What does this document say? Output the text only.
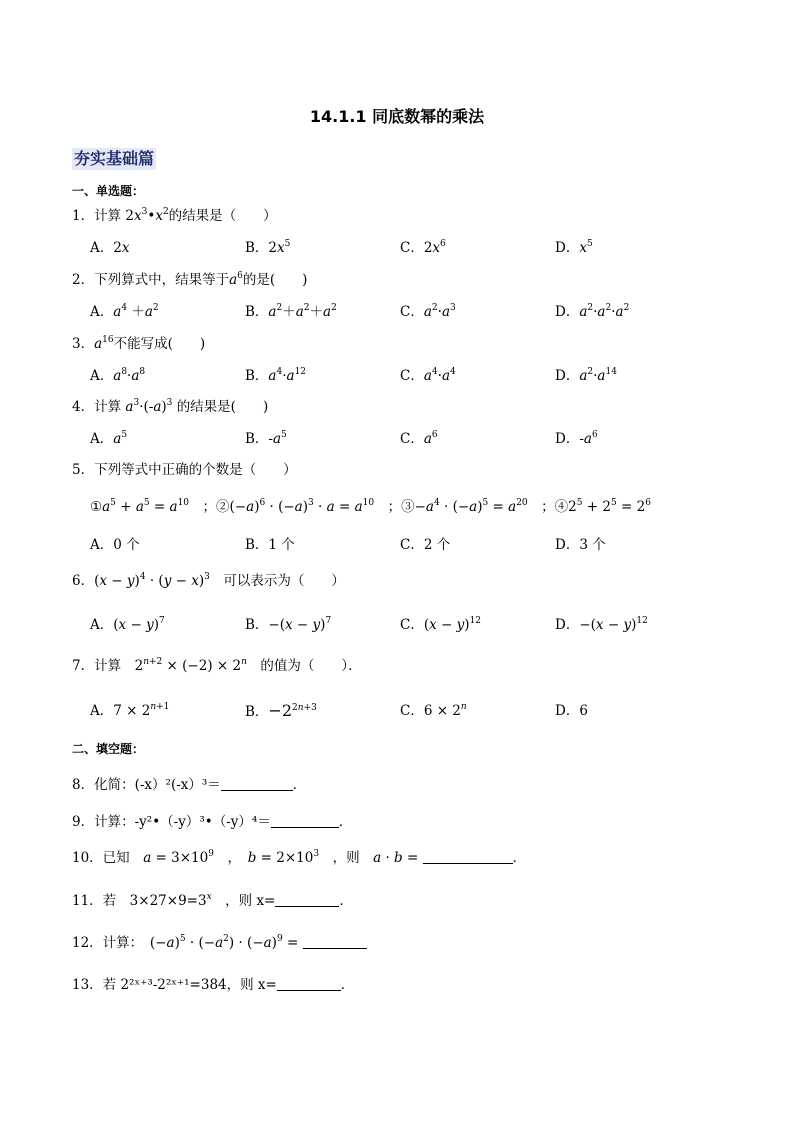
14.1.1 同底数幂的乘法
夯实基础篇
一、单选题：
1．计算 $2x^3•x^2$的结果是（　　）
A．2x	B．$2x^5$	C．$2x^6$	D．$x^5$
2．下列算式中，结果等于$a^6$的是(　　)
A．$a^4 +a^2$	B．$a^2+a^2+a^2$	C．$a^2\cdot a^3$	D．$a^2\cdot a^2\cdot a^2$
3．$a^{16}$不能写成(　　)
A．$a^8\cdot a^8$	B．$a^4\cdot a^{12}$	C．$a^4\cdot a^4$	D．$a^2\cdot a^{14}$
4．计算 $a^3\cdot(-a)^3$ 的结果是(　　)
A．$a^5$	B．$-a^5$	C．$a^6$	D．$-a^6$
5．下列等式中正确的个数是（　　）
$①a^5 + a^5 = a^{10}$　；$②(-a)^6 \cdot (-a)^3 \cdot a = a^{10}$　；$③-a^4 \cdot (-a)^5 = a^{20}$　；$④2^5 + 2^5 = 2^6$
A．0 个	B．1 个	C．2 个	D．3 个
6．$(x - y)^4 \cdot (y - x)^3$　 可以表示为（　　）
A．$(x - y)^7$	B．$-(x - y)^7$	C．$(x - y)^{12}$	D．$-(x - y)^{12}$
7．计算　$2^{n+2} \times (-2) \times 2^n$　 的值为（　　）．
A．$7 \times 2^{n+1}$	B．$-2^{2n+3}$	C．$6 \times 2^n$	D．6
二、填空题：
8．化简：(-x）²(-x）³＝	．
9．计算：-y²•（-y）³•（-y）⁴＝	．
10．已知　 $a = 3\times 10^9$　，　$b = 2\times 10^3$　 ，则　 a · b =	．
11．若　$3\times 27\times 9=3^x$　 ，则 x=	．
12．计算：　$(-a)^5 \cdot (-a^2) \cdot (-a)^9$ =
13．若 2²ˣ⁺³-2²ˣ⁺¹=384，则 x=	．
